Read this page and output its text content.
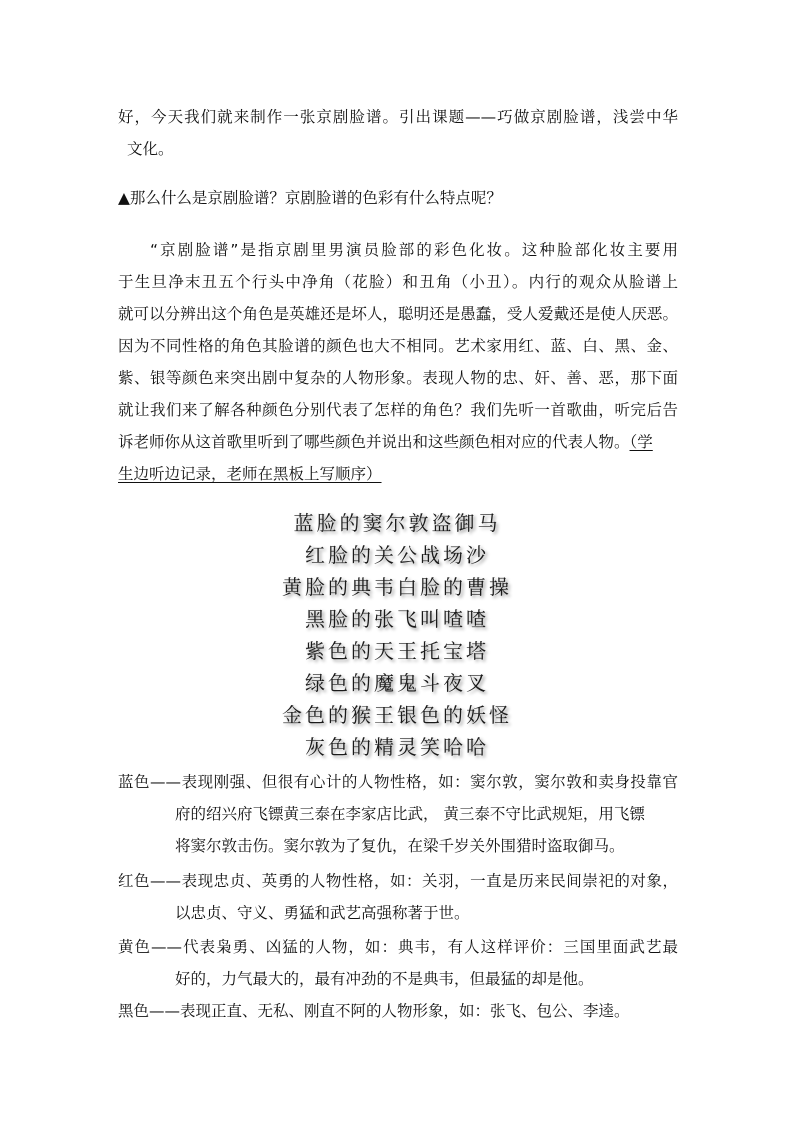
好，今天我们就来制作一张京剧脸谱。引出课题——巧做京剧脸谱，浅尝中华
文化。
▲那么什么是京剧脸谱？京剧脸谱的色彩有什么特点呢？
“京剧脸谱”是指京剧里男演员脸部的彩色化妆。这种脸部化妆主要用
于生旦净末丑五个行头中净角（花脸）和丑角（小丑）。内行的观众从脸谱上
就可以分辨出这个角色是英雄还是坏人，聪明还是愚蠢，受人爱戴还是使人厌恶。
因为不同性格的角色其脸谱的颜色也大不相同。艺术家用红、蓝、白、黑、金、
紫、银等颜色来突出剧中复杂的人物形象。表现人物的忠、奸、善、恶，那下面
就让我们来了解各种颜色分别代表了怎样的角色？我们先听一首歌曲，听完后告
诉老师你从这首歌里听到了哪些颜色并说出和这些颜色相对应的代表人物。（学
生边听边记录，老师在黑板上写顺序）
蓝脸的窦尔敦盗御马
红脸的关公战场沙
黄脸的典韦白脸的曹操
黑脸的张飞叫喳喳
紫色的天王托宝塔
绿色的魔鬼斗夜叉
金色的猴王银色的妖怪
灰色的精灵笑哈哈
蓝色——表现刚强、但很有心计的人物性格，如：窦尔敦，窦尔敦和卖身投靠官
府的绍兴府飞镖黄三泰在李家店比武， 黄三泰不守比武规矩，用飞镖
将窦尔敦击伤。窦尔敦为了复仇，在梁千岁关外围猎时盗取御马。
红色——表现忠贞、英勇的人物性格，如：关羽，一直是历来民间崇祀的对象，
以忠贞、守义、勇猛和武艺高强称著于世。
黄色——代表枭勇、凶猛的人物，如：典韦，有人这样评价：三国里面武艺最
好的，力气最大的，最有冲劲的不是典韦，但最猛的却是他。
黑色——表现正直、无私、刚直不阿的人物形象，如：张飞、包公、李逵。
